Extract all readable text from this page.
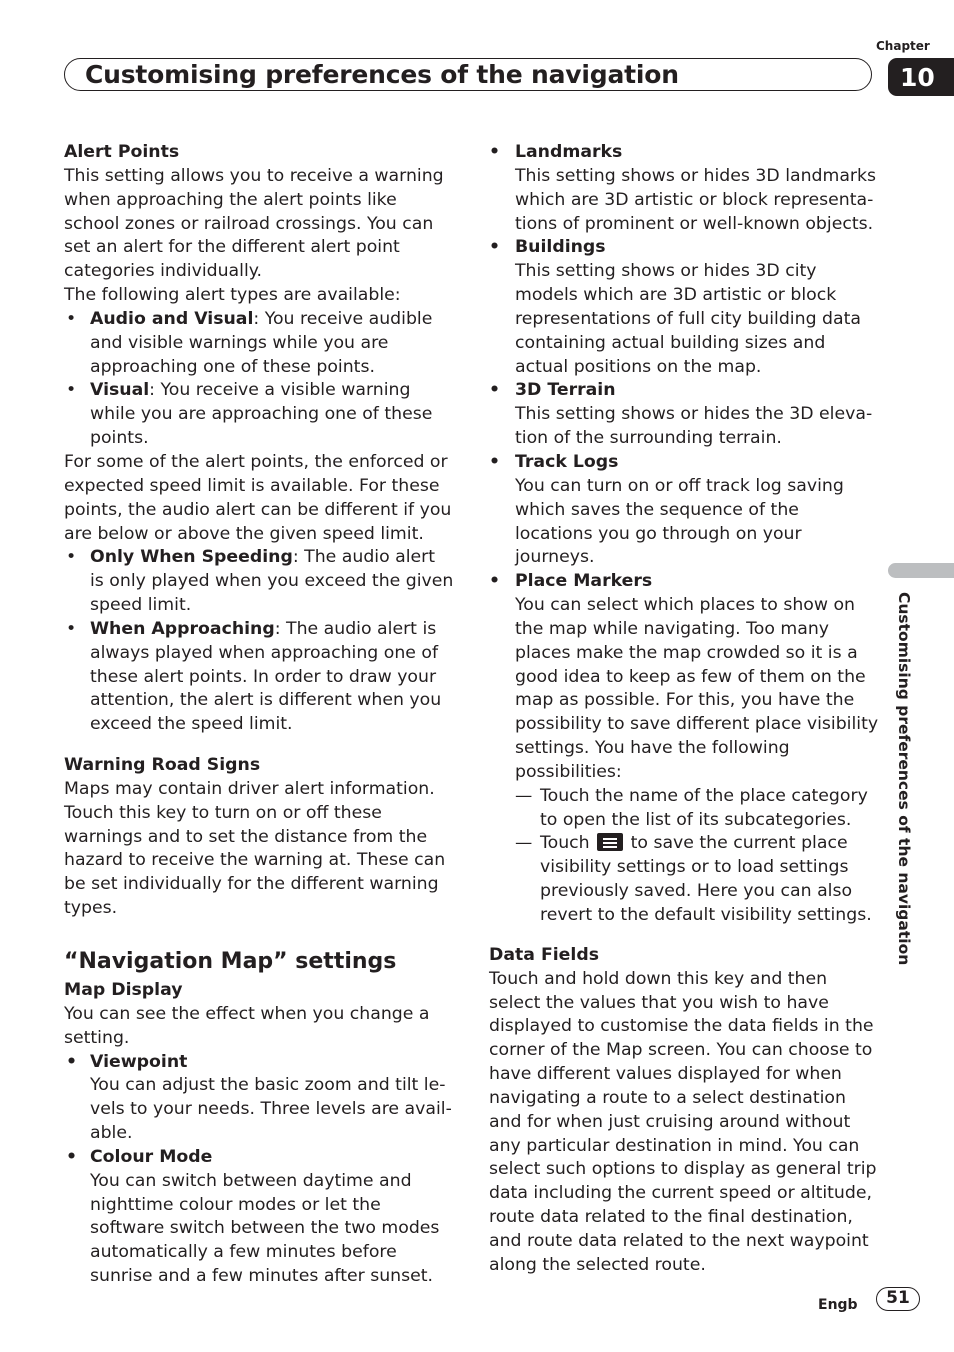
Chapter
Customising preferences of the navigation	10
Customising preferences of the navigation

Alert Points

This setting allows you to receive a warning when approaching the alert points like school zones or railroad crossings. You can set an alert for the different alert point categories individually.

The following alert types are available:

• Audio and Visual: You receive audible and visible warnings while you are approaching one of these points.

• Visual: You receive a visible warning while you are approaching one of these points.

For some of the alert points, the enforced or expected speed limit is available. For these points, the audio alert can be different if you are below or above the given speed limit.

• Only When Speeding: The audio alert is only played when you exceed the given speed limit.

• When Approaching: The audio alert is always played when approaching one of these alert points. In order to draw your attention, the alert is different when you exceed the speed limit.

Warning Road Signs

Maps may contain driver alert information. Touch this key to turn on or off these warnings and to set the distance from the hazard to receive the warning at. These can be set individually for the different warning types.

“Navigation Map” settings

Map Display

You can see the effect when you change a setting.

• Viewpoint

You can adjust the basic zoom and tilt levels to your needs. Three levels are available.

• Colour Mode

You can switch between daytime and nighttime colour modes or let the software switch between the two modes automatically a few minutes before sunrise and a few minutes after sunset.

• Landmarks

This setting shows or hides 3D landmarks which are 3D artistic or block representations of prominent or well-known objects.

• Buildings

This setting shows or hides 3D city models which are 3D artistic or block representations of full city building data containing actual building sizes and actual positions on the map.

• 3D Terrain

This setting shows or hides the 3D elevation of the surrounding terrain.

• Track Logs

You can turn on or off track log saving which saves the sequence of the locations you go through on your journeys.

• Place Markers

You can select which places to show on the map while navigating. Too many places make the map crowded so it is a good idea to keep as few of them on the map as possible. For this, you have the possibility to save different place visibility settings. You have the following possibilities:

— Touch the name of the place category to open the list of its subcategories.

— Touch
to save the current place visibility settings or to load settings previously saved. Here you can also revert to the default visibility settings.

Data Fields

Touch and hold down this key and then select the values that you wish to have displayed to customise the data fields in the corner of the Map screen. You can choose to have different values displayed for when navigating a route to a select destination and for when just cruising around without any particular destination in mind. You can select such options to display as general trip data including the current speed or altitude, route data related to the final destination, and route data related to the next waypoint along the selected route.

Engb	51
